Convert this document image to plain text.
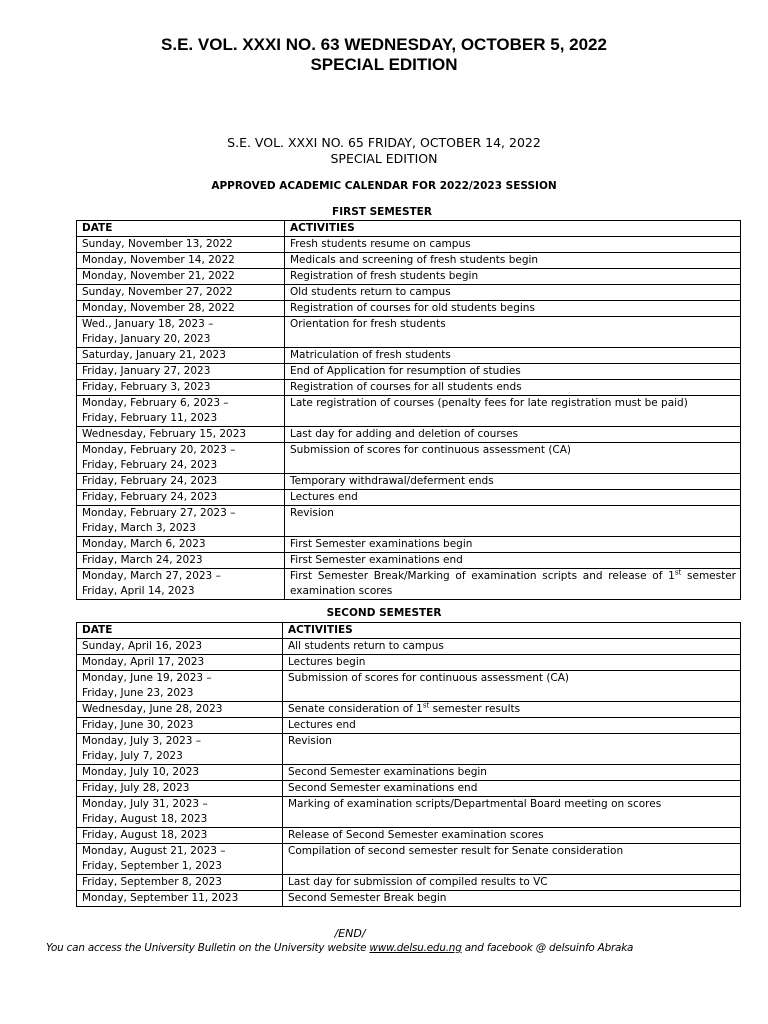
S.E. VOL. XXXI NO. 63 WEDNESDAY, OCTOBER 5, 2022
SPECIAL EDITION
S.E. VOL. XXXI NO. 65 FRIDAY, OCTOBER 14, 2022
SPECIAL EDITION
APPROVED ACADEMIC CALENDAR FOR 2022/2023 SESSION
FIRST SEMESTER
DATE	ACTIVITIES
Sunday, November 13, 2022	Fresh students resume on campus
Monday, November 14, 2022	Medicals and screening of fresh students begin
Monday, November 21, 2022	Registration of fresh students begin
Sunday, November 27, 2022	Old students return to campus
Monday, November 28, 2022	Registration of courses for old students begins
Wed., January 18, 2023 –
Friday, January 20, 2023	Orientation for fresh students
Saturday, January 21, 2023	Matriculation of fresh students
Friday, January 27, 2023	End of Application for resumption of studies
Friday, February 3, 2023	Registration of courses for all students ends
Monday, February 6, 2023 –
Friday, February 11, 2023	Late registration of courses (penalty fees for late registration must be paid)
Wednesday, February 15, 2023	Last day for adding and deletion of courses
Monday, February 20, 2023 –
Friday, February 24, 2023	Submission of scores for continuous assessment (CA)
Friday, February 24, 2023	Temporary withdrawal/deferment ends
Friday, February 24, 2023	Lectures end
Monday, February 27, 2023 –
Friday, March 3, 2023	Revision
Monday, March 6, 2023	First Semester examinations begin
Friday, March 24, 2023	First Semester examinations end
Monday, March 27, 2023 –
Friday, April 14, 2023	First Semester Break/Marking of examination scripts and release of 1st semester examination scores
SECOND SEMESTER
DATE	ACTIVITIES
Sunday, April 16, 2023	All students return to campus
Monday, April 17, 2023	Lectures begin
Monday, June 19, 2023 –
Friday, June 23, 2023	Submission of scores for continuous assessment (CA)
Wednesday, June 28, 2023	Senate consideration of 1st semester results
Friday, June 30, 2023	Lectures end
Monday, July 3, 2023 –
Friday, July 7, 2023	Revision
Monday, July 10, 2023	Second Semester examinations begin
Friday, July 28, 2023	Second Semester examinations end
Monday, July 31, 2023 –
Friday, August 18, 2023	Marking of examination scripts/Departmental Board meeting on scores
Friday, August 18, 2023	Release of Second Semester examination scores
Monday, August 21, 2023 –
Friday, September 1, 2023	Compilation of second semester result for Senate consideration
Friday, September 8, 2023	Last day for submission of compiled results to VC
Monday, September 11, 2023	Second Semester Break begin
/END/
You can access the University Bulletin on the University website www.delsu.edu.ng and facebook @ delsuinfo Abraka
